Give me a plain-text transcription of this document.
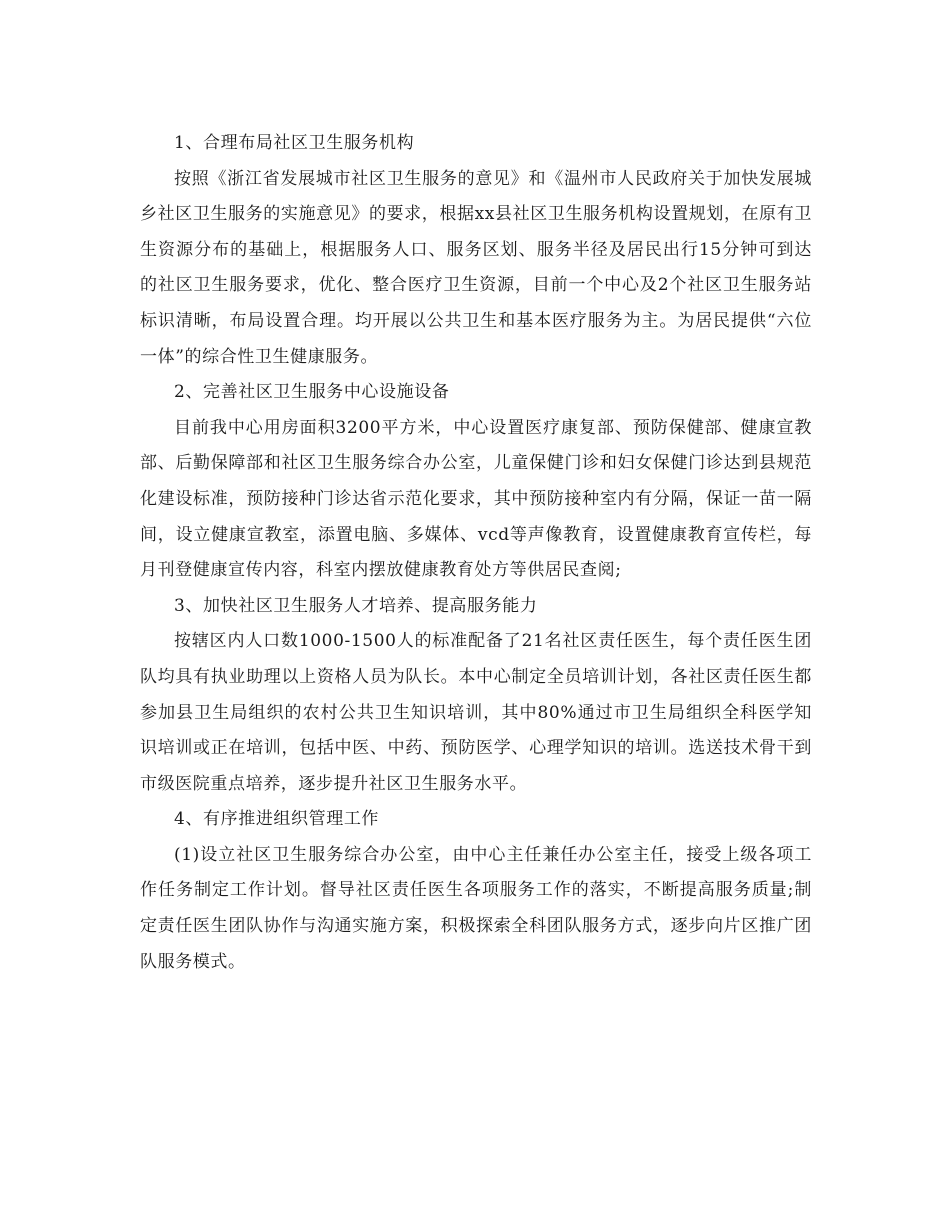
1、合理布局社区卫生服务机构

按照《浙江省发展城市社区卫生服务的意见》和《温州市人民政府关于加快发展城乡社区卫生服务的实施意见》的要求，根据xx县社区卫生服务机构设置规划，在原有卫生资源分布的基础上，根据服务人口、服务区划、服务半径及居民出行15分钟可到达的社区卫生服务要求，优化、整合医疗卫生资源，目前一个中心及2个社区卫生服务站标识清晰，布局设置合理。均开展以公共卫生和基本医疗服务为主。为居民提供“六位一体”的综合性卫生健康服务。

2、完善社区卫生服务中心设施设备

目前我中心用房面积3200平方米，中心设置医疗康复部、预防保健部、健康宣教部、后勤保障部和社区卫生服务综合办公室，儿童保健门诊和妇女保健门诊达到县规范化建设标准，预防接种门诊达省示范化要求，其中预防接种室内有分隔，保证一苗一隔间，设立健康宣教室，添置电脑、多媒体、vcd等声像教育，设置健康教育宣传栏，每月刊登健康宣传内容，科室内摆放健康教育处方等供居民查阅;

3、加快社区卫生服务人才培养、提高服务能力

按辖区内人口数1000-1500人的标准配备了21名社区责任医生，每个责任医生团队均具有执业助理以上资格人员为队长。本中心制定全员培训计划，各社区责任医生都参加县卫生局组织的农村公共卫生知识培训，其中80%通过市卫生局组织全科医学知识培训或正在培训，包括中医、中药、预防医学、心理学知识的培训。选送技术骨干到市级医院重点培养，逐步提升社区卫生服务水平。

4、有序推进组织管理工作

(1)设立社区卫生服务综合办公室，由中心主任兼任办公室主任，接受上级各项工作任务制定工作计划。督导社区责任医生各项服务工作的落实，不断提高服务质量;制定责任医生团队协作与沟通实施方案，积极探索全科团队服务方式，逐步向片区推广团队服务模式。
